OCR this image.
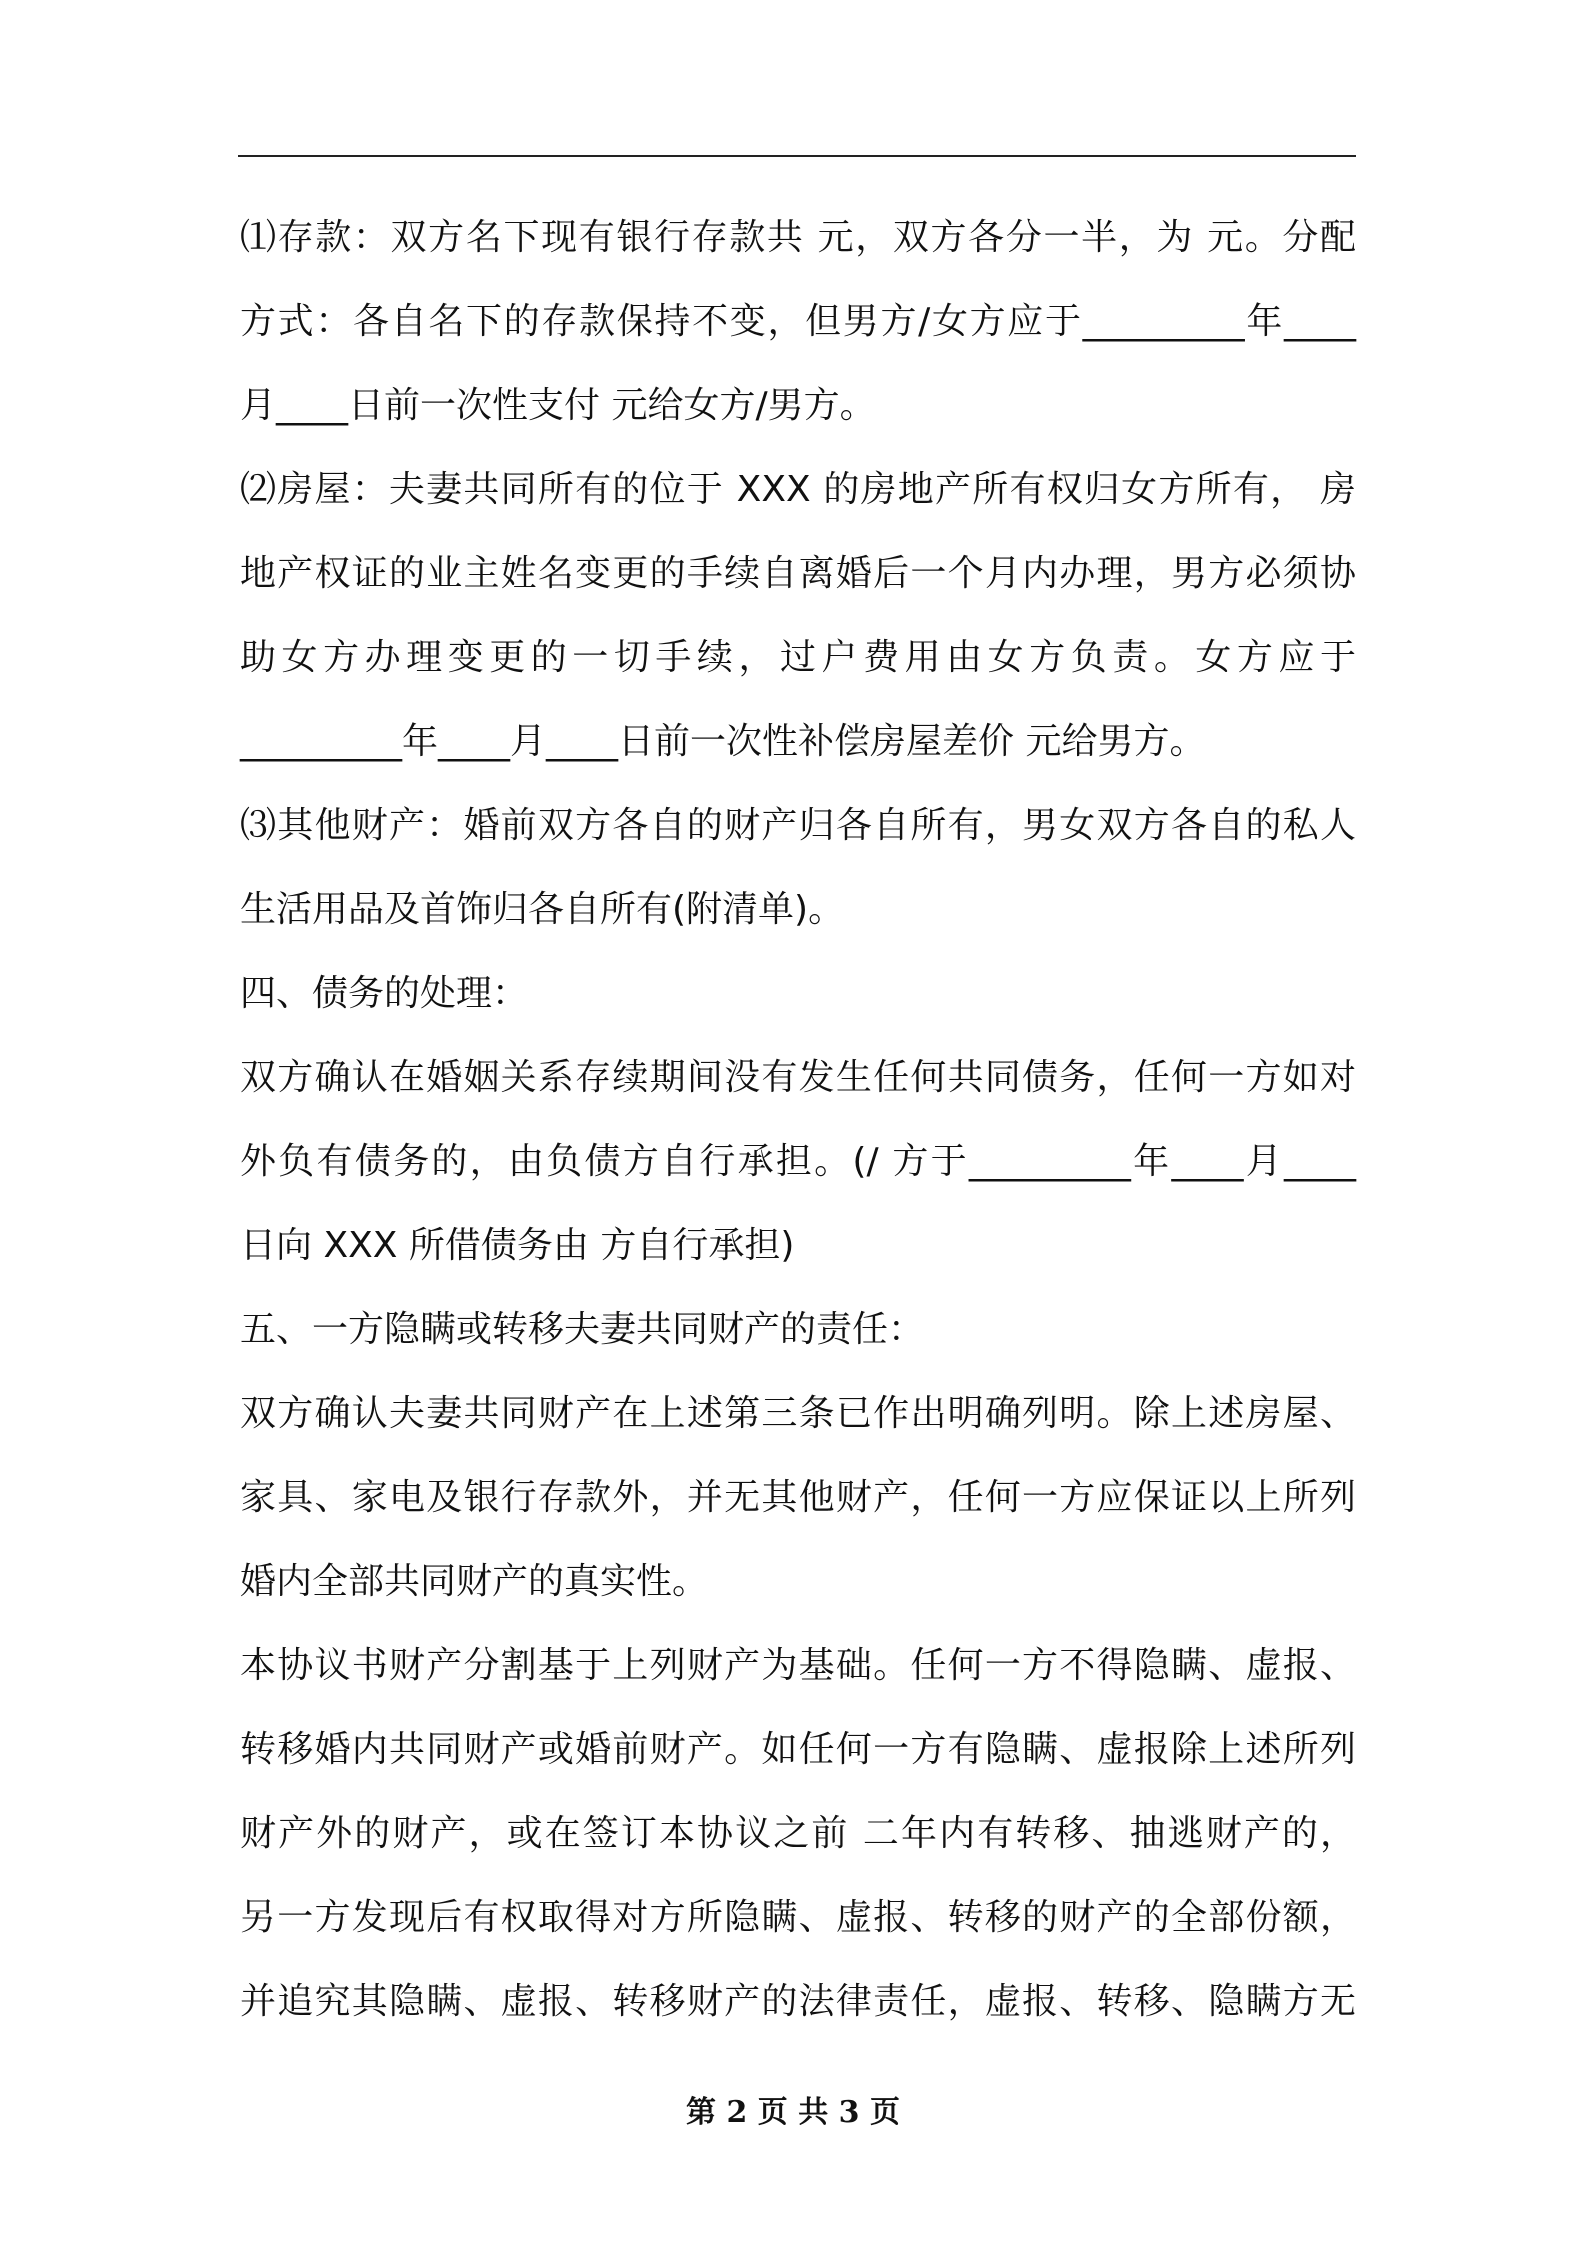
⑴存款：双方名下现有银行存款共 元，双方各分一半，为 元。分配
方式：各自名下的存款保持不变，但男方/女方应于_________年____
月____日前一次性支付 元给女方/男方。
⑵房屋：夫妻共同所有的位于 XXX 的房地产所有权归女方所有， 房
地产权证的业主姓名变更的手续自离婚后一个月内办理，男方必须协
助女方办理变更的一切手续，过户费用由女方负责。女方应于
_________年____月____日前一次性补偿房屋差价 元给男方。
⑶其他财产：婚前双方各自的财产归各自所有，男女双方各自的私人
生活用品及首饰归各自所有(附清单)。
四、债务的处理：
双方确认在婚姻关系存续期间没有发生任何共同债务，任何一方如对
外负有债务的，由负债方自行承担。(/ 方于_________年____月____
日向 XXX 所借债务由 方自行承担)
五、一方隐瞒或转移夫妻共同财产的责任：
双方确认夫妻共同财产在上述第三条已作出明确列明。除上述房屋、
家具、家电及银行存款外，并无其他财产，任何一方应保证以上所列
婚内全部共同财产的真实性。
本协议书财产分割基于上列财产为基础。任何一方不得隐瞒、虚报、
转移婚内共同财产或婚前财产。如任何一方有隐瞒、虚报除上述所列
财产外的财产，或在签订本协议之前 二年内有转移、抽逃财产的，
另一方发现后有权取得对方所隐瞒、虚报、转移的财产的全部份额，
并追究其隐瞒、虚报、转移财产的法律责任，虚报、转移、隐瞒方无
第 2 页 共 3 页
